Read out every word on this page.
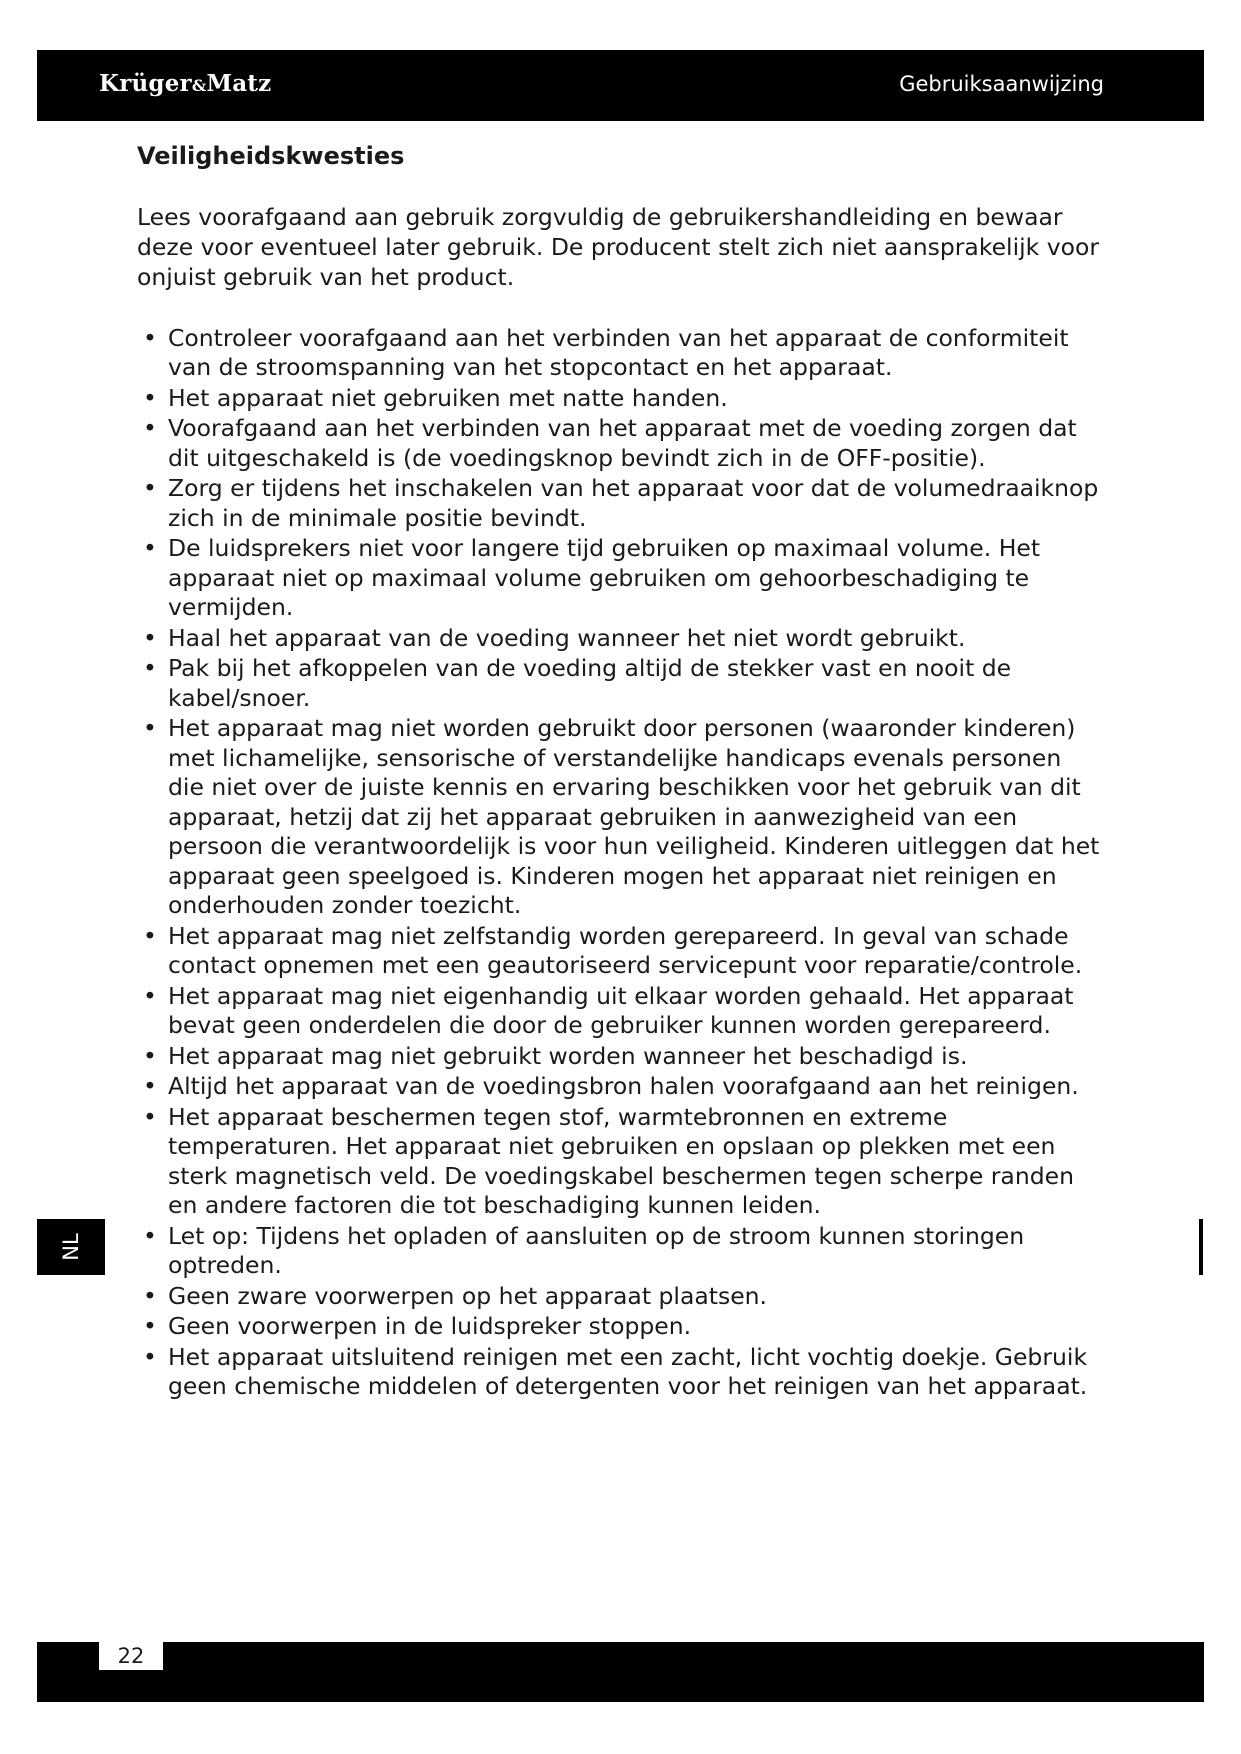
Krüger&Matz	Gebruiksaanwijzing
Veiligheidskwesties

Lees voorafgaand aan gebruik zorgvuldig de gebruikershandleiding en bewaar deze voor eventueel later gebruik. De producent stelt zich niet aansprakelijk voor onjuist gebruik van het product.

• Controleer voorafgaand aan het verbinden van het apparaat de conformiteit van de stroomspanning van het stopcontact en het apparaat.
• Het apparaat niet gebruiken met natte handen.
• Voorafgaand aan het verbinden van het apparaat met de voeding zorgen dat dit uitgeschakeld is (de voedingsknop bevindt zich in de OFF-positie).
• Zorg er tijdens het inschakelen van het apparaat voor dat de volumedraaiknop zich in de minimale positie bevindt.
• De luidsprekers niet voor langere tijd gebruiken op maximaal volume. Het apparaat niet op maximaal volume gebruiken om gehoorbeschadiging te vermijden.
• Haal het apparaat van de voeding wanneer het niet wordt gebruikt.
• Pak bij het afkoppelen van de voeding altijd de stekker vast en nooit de kabel/snoer.
• Het apparaat mag niet worden gebruikt door personen (waaronder kinderen) met lichamelijke, sensorische of verstandelijke handicaps evenals personen die niet over de juiste kennis en ervaring beschikken voor het gebruik van dit apparaat, hetzij dat zij het apparaat gebruiken in aanwezigheid van een persoon die verantwoordelijk is voor hun veiligheid. Kinderen uitleggen dat het apparaat geen speelgoed is. Kinderen mogen het apparaat niet reinigen en onderhouden zonder toezicht.
• Het apparaat mag niet zelfstandig worden gerepareerd. In geval van schade contact opnemen met een geautoriseerd servicepunt voor reparatie/controle.
• Het apparaat mag niet eigenhandig uit elkaar worden gehaald. Het apparaat bevat geen onderdelen die door de gebruiker kunnen worden gerepareerd.
• Het apparaat mag niet gebruikt worden wanneer het beschadigd is.
• Altijd het apparaat van de voedingsbron halen voorafgaand aan het reinigen.
• Het apparaat beschermen tegen stof, warmtebronnen en extreme temperaturen. Het apparaat niet gebruiken en opslaan op plekken met een sterk magnetisch veld. De voedingskabel beschermen tegen scherpe randen en andere factoren die tot beschadiging kunnen leiden.
• Let op: Tijdens het opladen of aansluiten op de stroom kunnen storingen optreden.
• Geen zware voorwerpen op het apparaat plaatsen.
• Geen voorwerpen in de luidspreker stoppen.
• Het apparaat uitsluitend reinigen met een zacht, licht vochtig doekje. Gebruik geen chemische middelen of detergenten voor het reinigen van het apparaat.
NL
22
